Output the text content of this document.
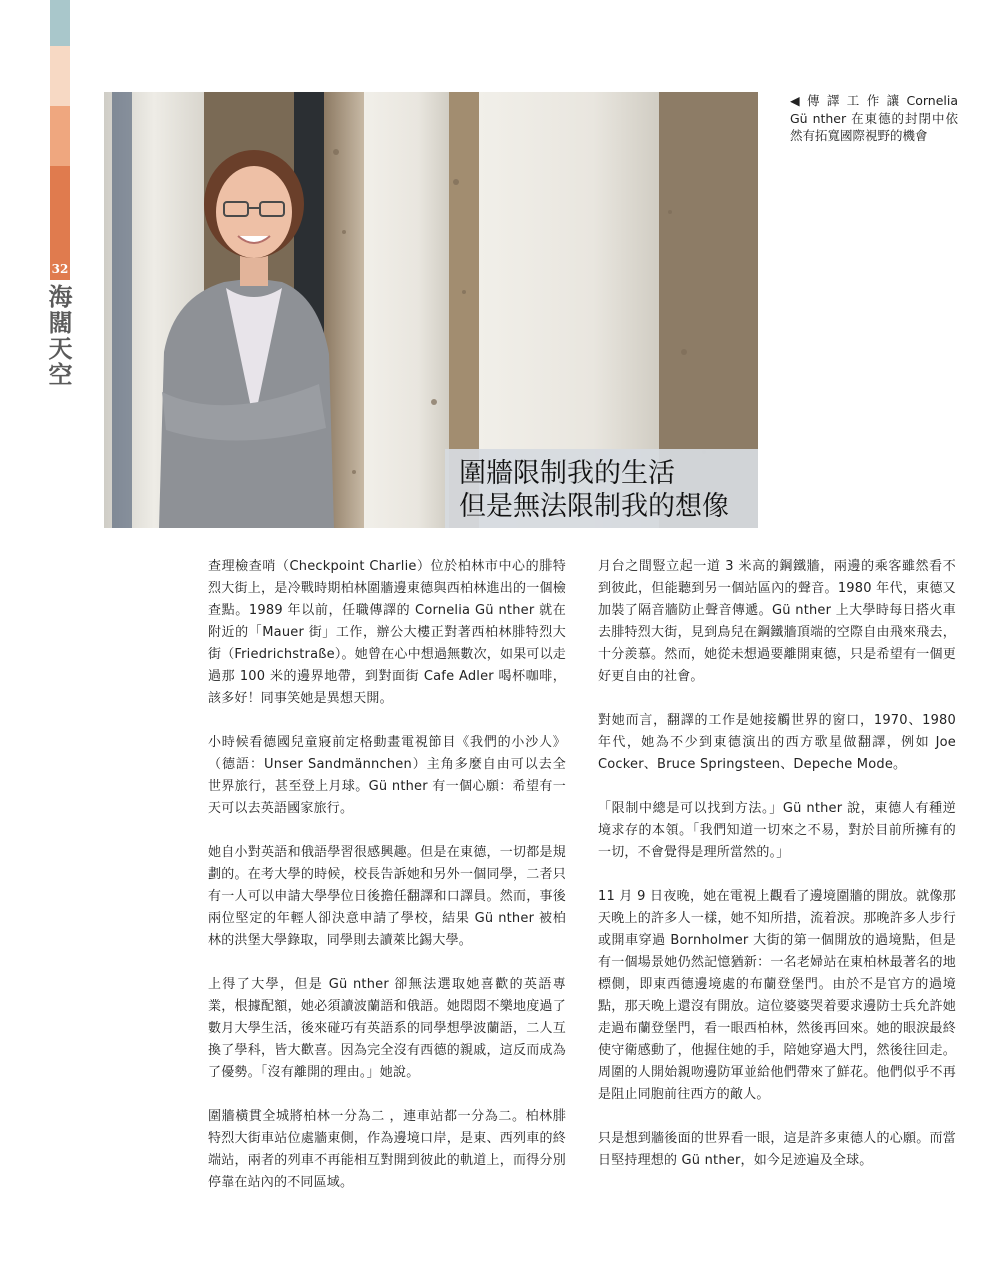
32
海闊天空
圍牆限制我的生活
但是無法限制我的想像
◀ 傳 譯 工 作 讓 Cornelia Gü nther 在東德的封閉中依然有拓寬國際視野的機會

查理檢查哨（Checkpoint Charlie）位於柏林市中心的腓特烈大街上，是冷戰時期柏林圍牆邊東德與西柏林進出的一個檢查點。1989 年以前，任職傳譯的 Cornelia Gü nther 就在附近的「Mauer 街」工作，辦公大樓正對著西柏林腓特烈大街（Friedrichstraße）。她曾在心中想過無數次，如果可以走過那 100 米的邊界地帶，到對面街 Cafe Adler 喝杯咖啡，該多好！同事笑她是異想天開。

小時候看德國兒童寢前定格動畫電視節目《我們的小沙人》（德語：Unser Sandmännchen）主角多麼自由可以去全世界旅行，甚至登上月球。Gü nther 有一個心願：希望有一天可以去英語國家旅行。

她自小對英語和俄語學習很感興趣。但是在東德，一切都是規劃的。在考大學的時候，校長告訴她和另外一個同學，二者只有一人可以申請大學學位日後擔任翻譯和口譯員。然而，事後兩位堅定的年輕人卻決意申請了學校，結果 Gü nther 被柏林的洪堡大學錄取，同學則去讀萊比錫大學。

上得了大學，但是 Gü nther 卻無法選取她喜歡的英語專業，根據配額，她必須讀波蘭語和俄語。她悶悶不樂地度過了數月大學生活，後來碰巧有英語系的同學想學波蘭語，二人互換了學科，皆大歡喜。因為完全沒有西德的親戚，這反而成為了優勢。「沒有離開的理由。」她說。

圍牆橫貫全城將柏林一分為二 ，連車站都一分為二。柏林腓特烈大街車站位處牆東側，作為邊境口岸，是東、西列車的終端站，兩者的列車不再能相互對開到彼此的軌道上，而得分別停靠在站內的不同區域。

月台之間豎立起一道 3 米高的鋼鐵牆，兩邊的乘客雖然看不到彼此，但能聽到另一個站區內的聲音。1980 年代，東德又加裝了隔音牆防止聲音傳遞。Gü nther 上大學時每日搭火車去腓特烈大街，見到鳥兒在鋼鐵牆頂端的空際自由飛來飛去，十分羨慕。然而，她從未想過要離開東德，只是希望有一個更好更自由的社會。

對她而言，翻譯的工作是她接觸世界的窗口，1970、1980 年代，她為不少到東德演出的西方歌星做翻譯，例如 Joe Cocker、Bruce Springsteen、Depeche Mode。

「限制中總是可以找到方法。」Gü nther 說，東德人有種逆境求存的本領。「我們知道一切來之不易，對於目前所擁有的一切，不會覺得是理所當然的。」

11 月 9 日夜晚，她在電視上觀看了邊境圍牆的開放。就像那天晚上的許多人一樣，她不知所措，流着淚。那晚許多人步行或開車穿過 Bornholmer 大街的第一個開放的過境點，但是有一個場景她仍然記憶猶新：一名老婦站在東柏林最著名的地標側，即東西德邊境處的布蘭登堡門。由於不是官方的過境點，那天晚上還沒有開放。這位婆婆哭着要求邊防士兵允許她走過布蘭登堡門，看一眼西柏林，然後再回來。她的眼淚最終使守衛感動了，他握住她的手，陪她穿過大門，然後往回走。周圍的人開始親吻邊防軍並給他們帶來了鮮花。他們似乎不再是阻止同胞前往西方的敵人。

只是想到牆後面的世界看一眼，這是許多東德人的心願。而當日堅持理想的 Gü nther，如今足迹遍及全球。
